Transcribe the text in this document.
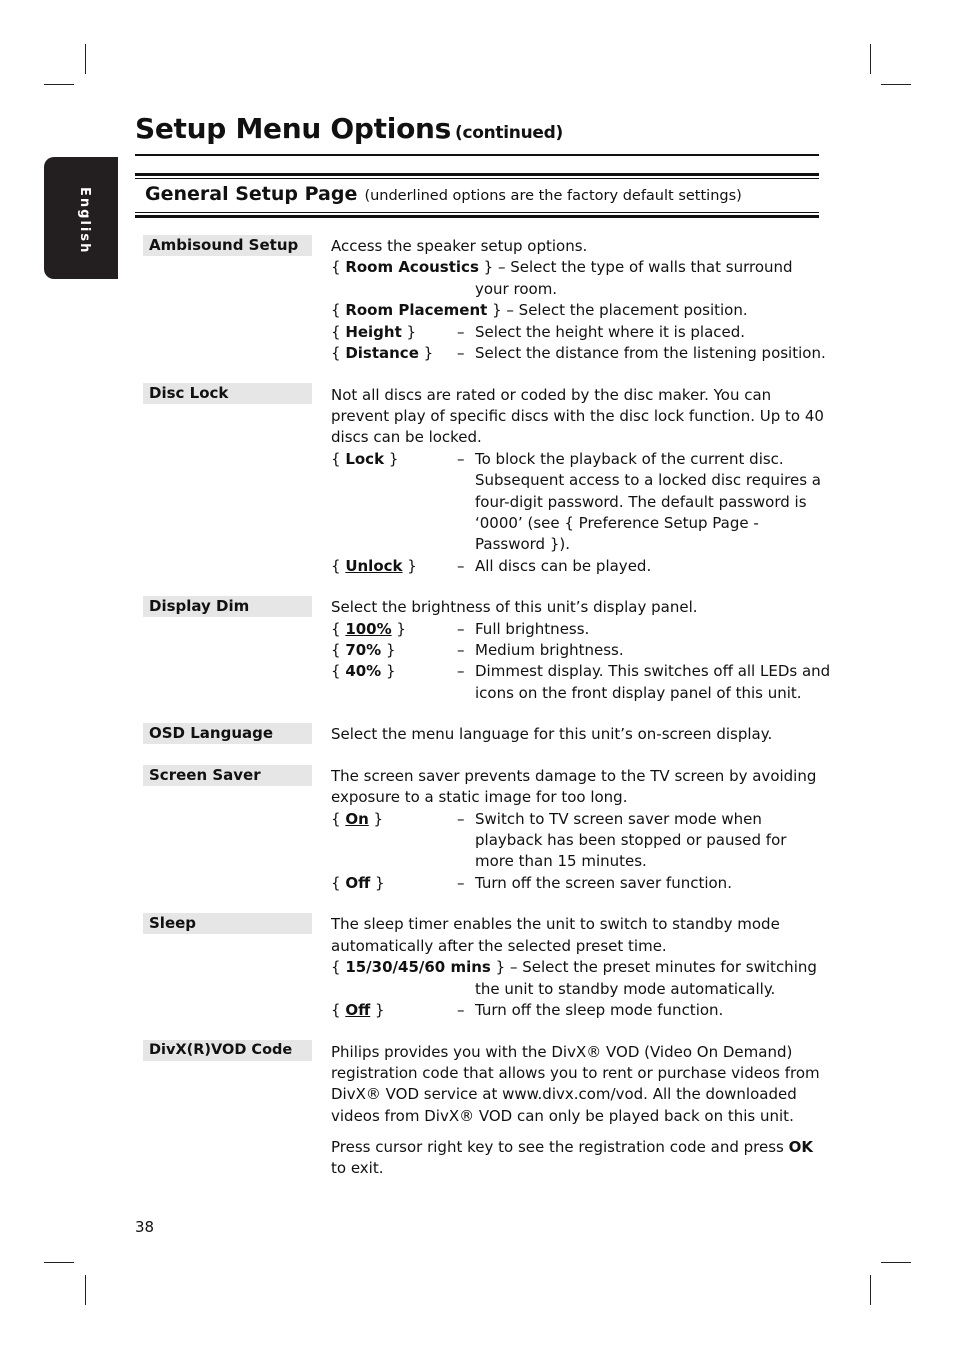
English
Setup Menu Options (continued)
General Setup Page (underlined options are the factory default settings)
Ambisound Setup	Access the speaker setup options.
{ Room Acoustics } – Select the type of walls that surround
your room.
{ Room Placement } – Select the placement position.
{ Height }	– Select the height where it is placed.
{ Distance } – Select the distance from the listening position.
Disc Lock	Not all discs are rated or coded by the disc maker. You can
prevent play of specific discs with the disc lock function. Up to 40
discs can be locked.
{ Lock }	– To block the playback of the current disc.
Subsequent access to a locked disc requires a
four-digit password. The default password is
‘0000’ (see { Preference Setup Page -
Password }).
{ Unlock }	– All discs can be played.
Display Dim	Select the brightness of this unit’s display panel.
{ 100% }	– Full brightness.
{ 70% }	– Medium brightness.
{ 40% }	– Dimmest display. This switches off all LEDs and
icons on the front display panel of this unit.
OSD Language	Select the menu language for this unit’s on-screen display.
Screen Saver	The screen saver prevents damage to the TV screen by avoiding
exposure to a static image for too long.
{ On }	– Switch to TV screen saver mode when
playback has been stopped or paused for
more than 15 minutes.
{ Off }	– Turn off the screen saver function.
Sleep	The sleep timer enables the unit to switch to standby mode
automatically after the selected preset time.
{ 15/30/45/60 mins } – Select the preset minutes for switching
the unit to standby mode automatically.
{ Off }	– Turn off the sleep mode function.
DivX(R)VOD Code	Philips provides you with the DivX® VOD (Video On Demand)
registration code that allows you to rent or purchase videos from
DivX® VOD service at www.divx.com/vod. All the downloaded
videos from DivX® VOD can only be played back on this unit.
Press cursor right key to see the registration code and press OK
to exit.
38
